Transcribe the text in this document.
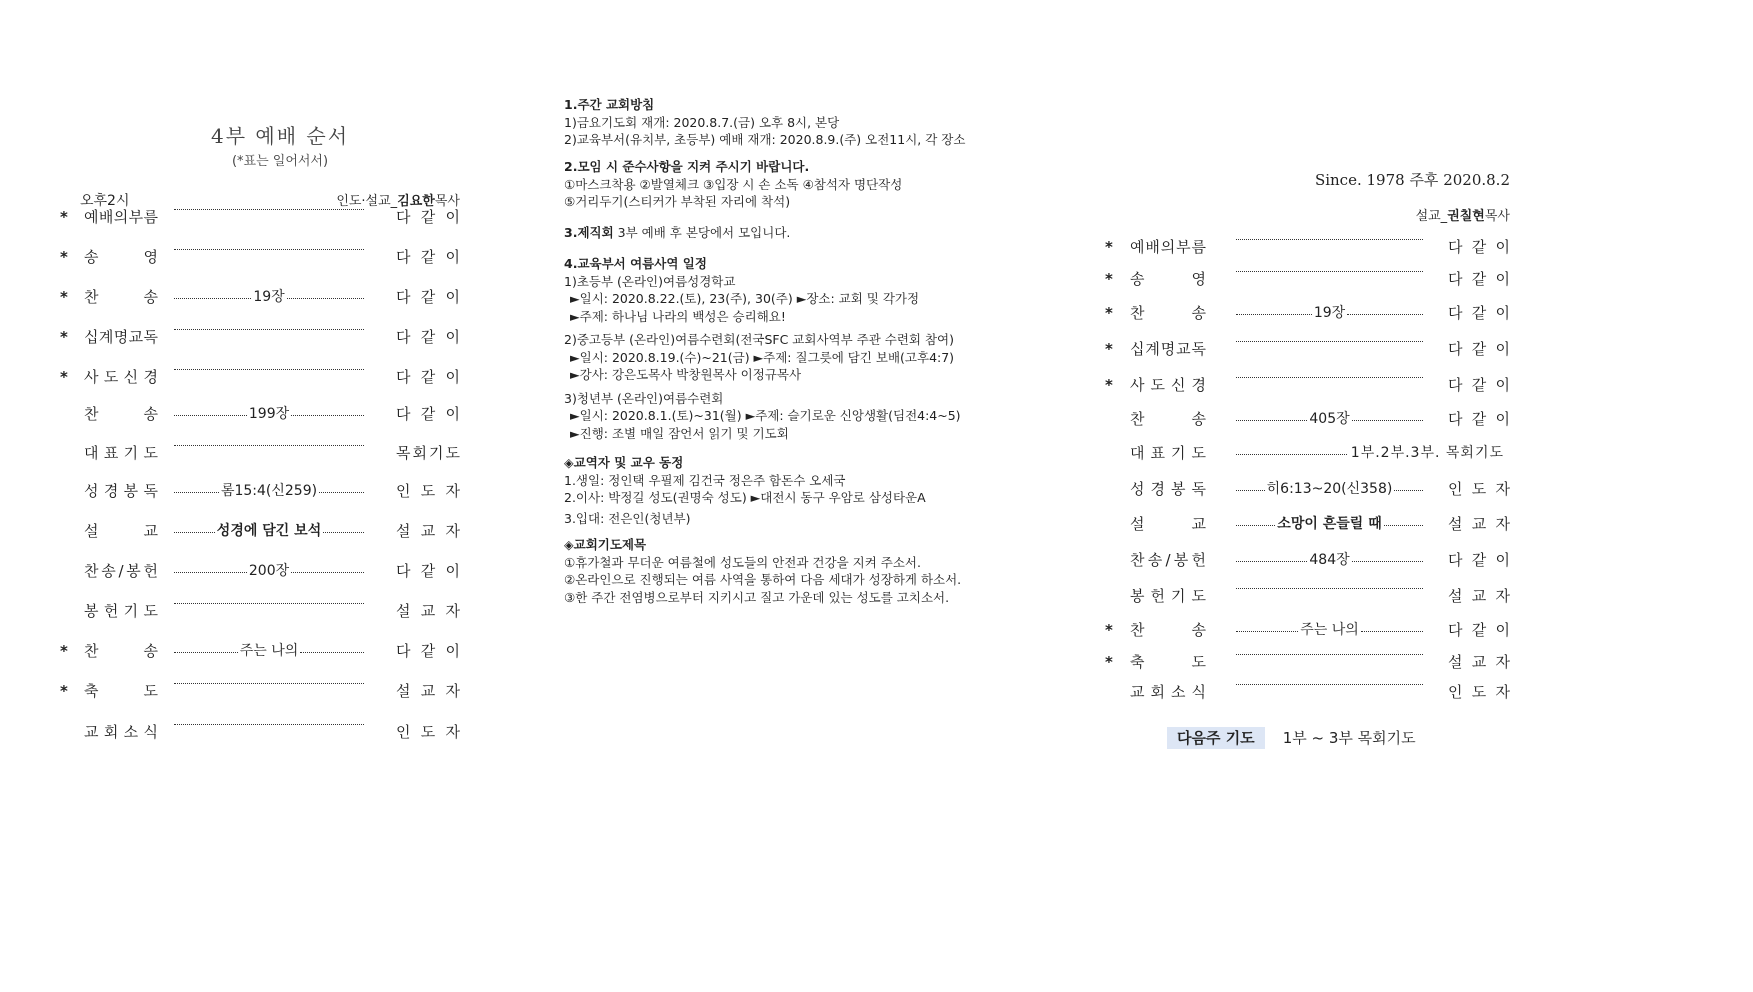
4부 예배 순서
(*표는 일어서서)
오후2시	인도·설교_김요한목사
*	예 배 의 부 름	다 같 이
*	송	영	다 같 이
*	찬	송	19장	다 같 이
*	십 계 명 교 독	다 같 이
*	사 도 신 경	다 같 이
찬	송	199장	다 같 이
대 표 기 도	목 회 기 도
성 경 봉 독	롬15:4(신259)	인 도 자
설	교	성경에 담긴 보석	설 교 자
찬 송 / 봉 헌	200장	다 같 이
봉 헌 기 도	설 교 자
*	찬	송	주는 나의	다 같 이
*	축	도	설 교 자
교 회 소 식	인 도 자
1.주간 교회방침
1)금요기도회 재개: 2020.8.7.(금) 오후 8시, 본당
2)교육부서(유치부, 초등부) 예배 재개: 2020.8.9.(주) 오전11시, 각 장소
2.모임 시 준수사항을 지켜 주시기 바랍니다.
①마스크착용 ②발열체크 ③입장 시 손 소독 ④참석자 명단작성
⑤거리두기(스티커가 부착된 자리에 착석)
3.제직회 3부 예배 후 본당에서 모입니다.
4.교육부서 여름사역 일정
1)초등부 (온라인)여름성경학교
►일시: 2020.8.22.(토), 23(주), 30(주) ►장소: 교회 및 각가정
►주제: 하나님 나라의 백성은 승리해요!
2)중고등부 (온라인)여름수련회(전국SFC 교회사역부 주관 수련회 참여)
►일시: 2020.8.19.(수)~21(금) ►주제: 질그릇에 담긴 보배(고후4:7)
►강사: 강은도목사 박창원목사 이정규목사
3)청년부 (온라인)여름수련회
►일시: 2020.8.1.(토)~31(월) ►주제: 슬기로운 신앙생활(딤전4:4~5)
►진행: 조별 매일 잠언서 읽기 및 기도회
◈교역자 및 교우 동정
1.생일: 정인택 우필제 김건국 정은주 함돈수 오세국
2.이사: 박정길 성도(권명숙 성도) ►대전시 동구 우암로 삼성타운A
3.입대: 전은인(청년부)
◈교회기도제목
①휴가철과 무더운 여름철에 성도들의 안전과 건강을 지켜 주소서.
②온라인으로 진행되는 여름 사역을 통하여 다음 세대가 성장하게 하소서.
③한 주간 전염병으로부터 지키시고 질고 가운데 있는 성도를 고치소서.
Since. 1978 주후 2020.8.2
설교_권칠현목사
*	예 배 의 부 름	다 같 이
*	송	영	다 같 이
*	찬	송	19장	다 같 이
*	십 계 명 교 독	다 같 이
*	사 도 신 경	다 같 이
찬	송	405장	다 같 이
대 표 기 도	1부.2부.3부. 목회기도
성 경 봉 독	히6:13~20(신358)	인 도 자
설	교	소망이 흔들릴 때	설 교 자
찬 송 / 봉 헌	484장	다 같 이
봉 헌 기 도	설 교 자
*	찬	송	주는 나의	다 같 이
*	축	도	설 교 자
교 회 소 식	인 도 자
다음주 기도 1부 ~ 3부 목회기도
